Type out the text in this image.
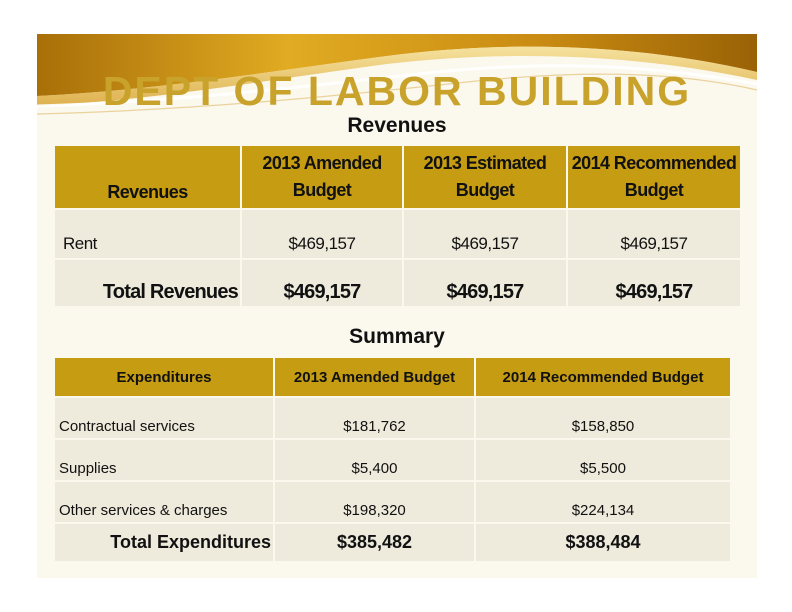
DEPT OF LABOR BUILDING
Revenues
Revenues	2013 Amended Budget	2013 Estimated Budget	2014 Recommended Budget
Rent	$469,157	$469,157	$469,157
Total Revenues	$469,157	$469,157	$469,157
Summary
Expenditures	2013 Amended Budget	2014 Recommended Budget
Contractual services	$181,762	$158,850
Supplies	$5,400	$5,500
Other services & charges	$198,320	$224,134
Total Expenditures	$385,482	$388,484
